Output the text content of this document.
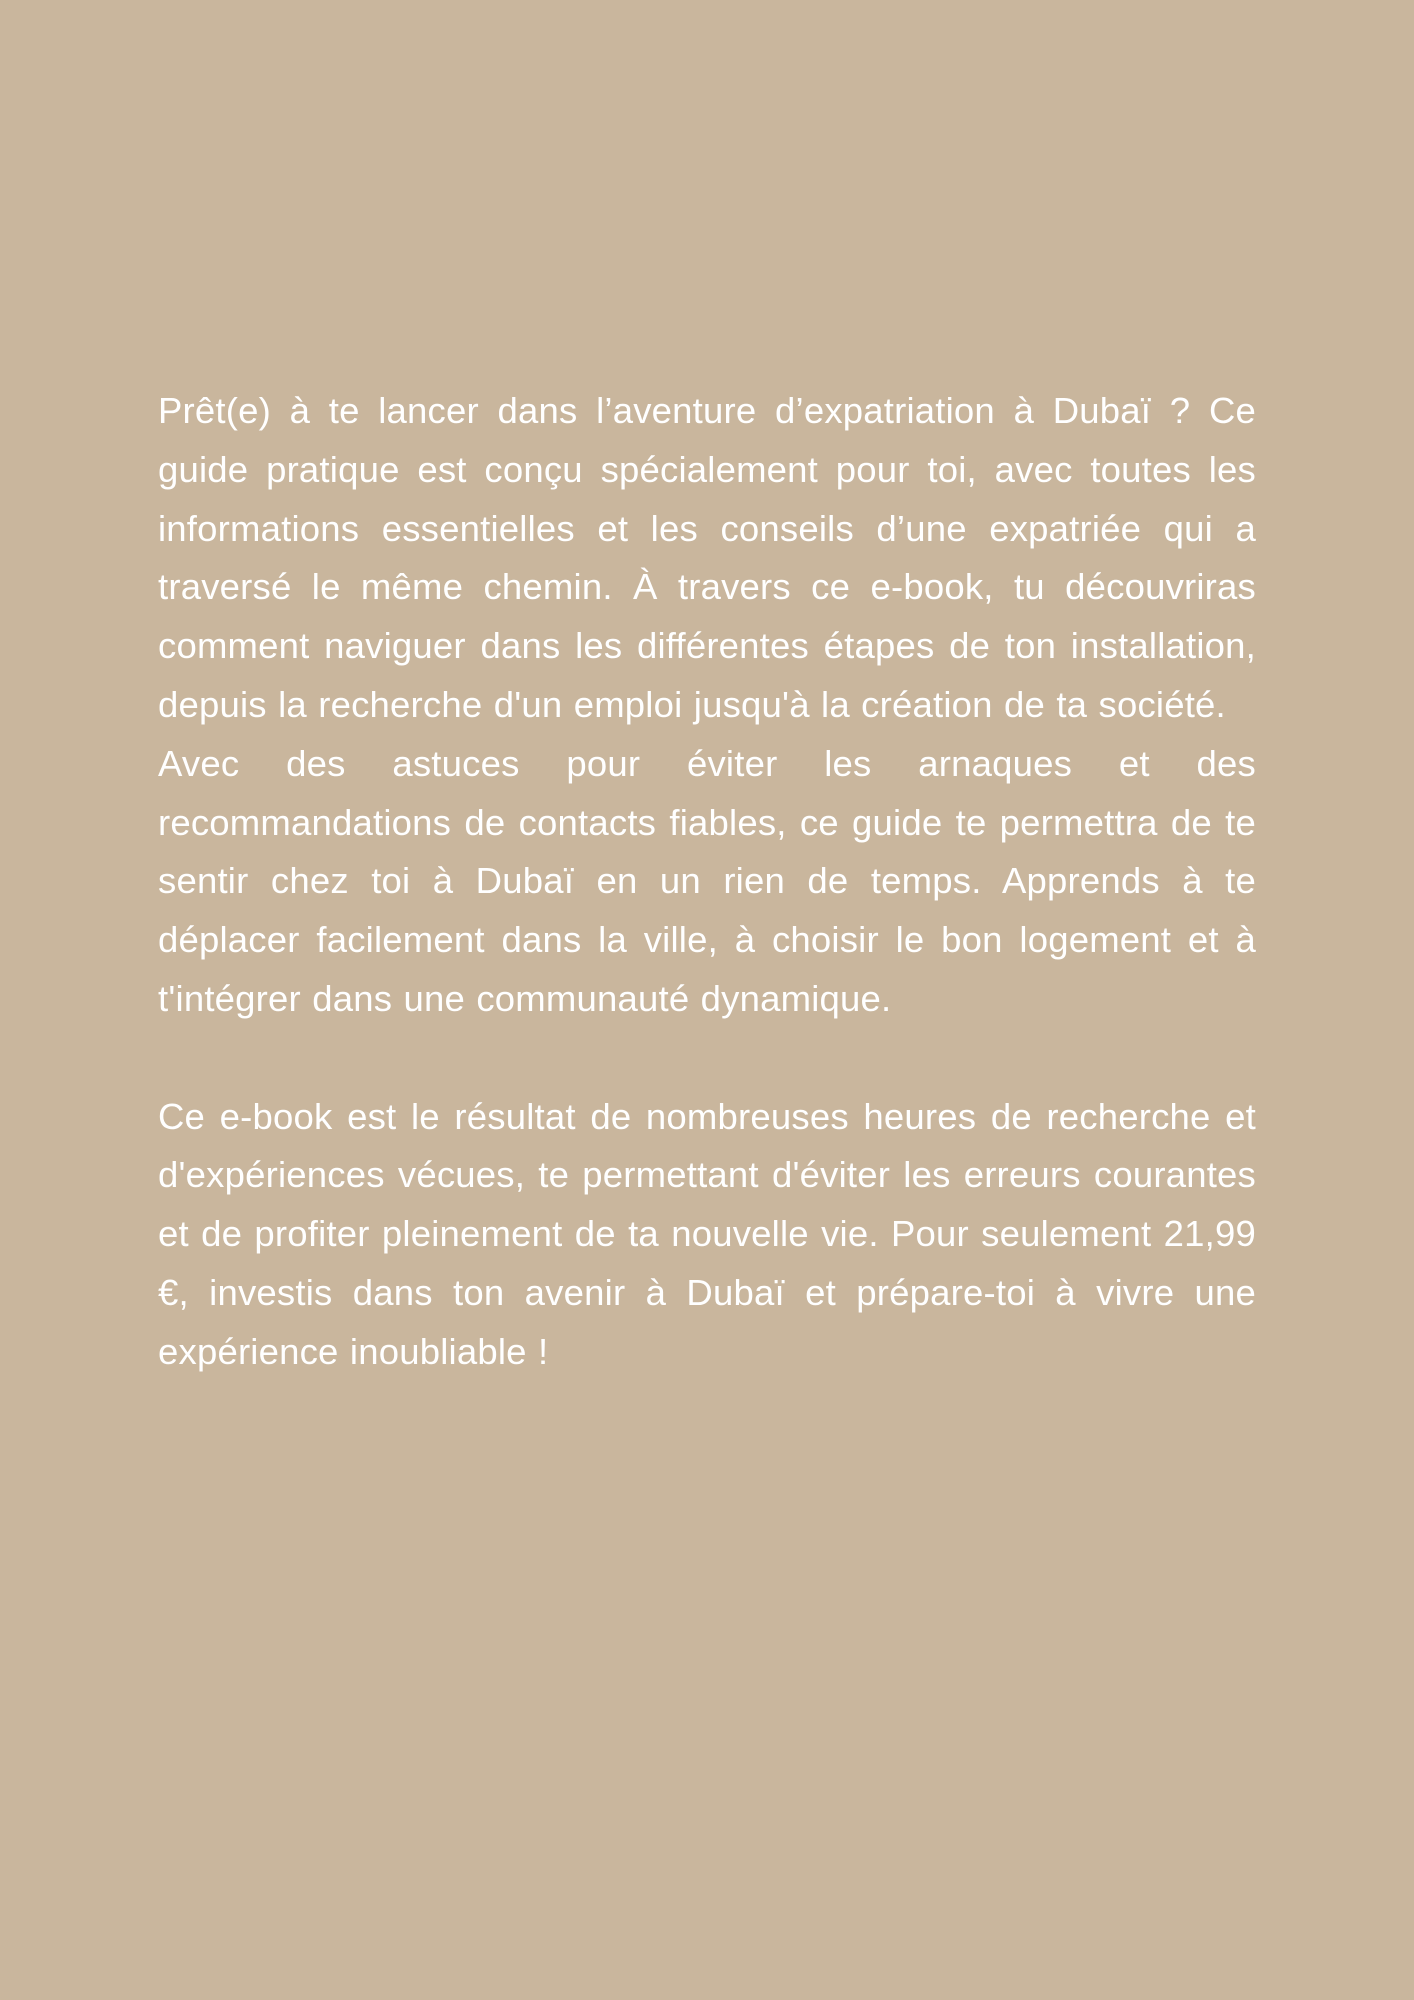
Prêt(e) à te lancer dans l’aventure d’expatriation à Dubaï ? Ce guide pratique est conçu spécialement pour toi, avec toutes les informations essentielles et les conseils d’une expatriée qui a traversé le même chemin. À travers ce e-book, tu découvriras comment naviguer dans les différentes étapes de ton installation, depuis la recherche d'un emploi jusqu'à la création de ta société.

Avec des astuces pour éviter les arnaques et des recommandations de contacts fiables, ce guide te permettra de te sentir chez toi à Dubaï en un rien de temps. Apprends à te déplacer facilement dans la ville, à choisir le bon logement et à t'intégrer dans une communauté dynamique.

Ce e-book est le résultat de nombreuses heures de recherche et d'expériences vécues, te permettant d'éviter les erreurs courantes et de profiter pleinement de ta nouvelle vie. Pour seulement 21,99 €, investis dans ton avenir à Dubaï et prépare-toi à vivre une expérience inoubliable !
